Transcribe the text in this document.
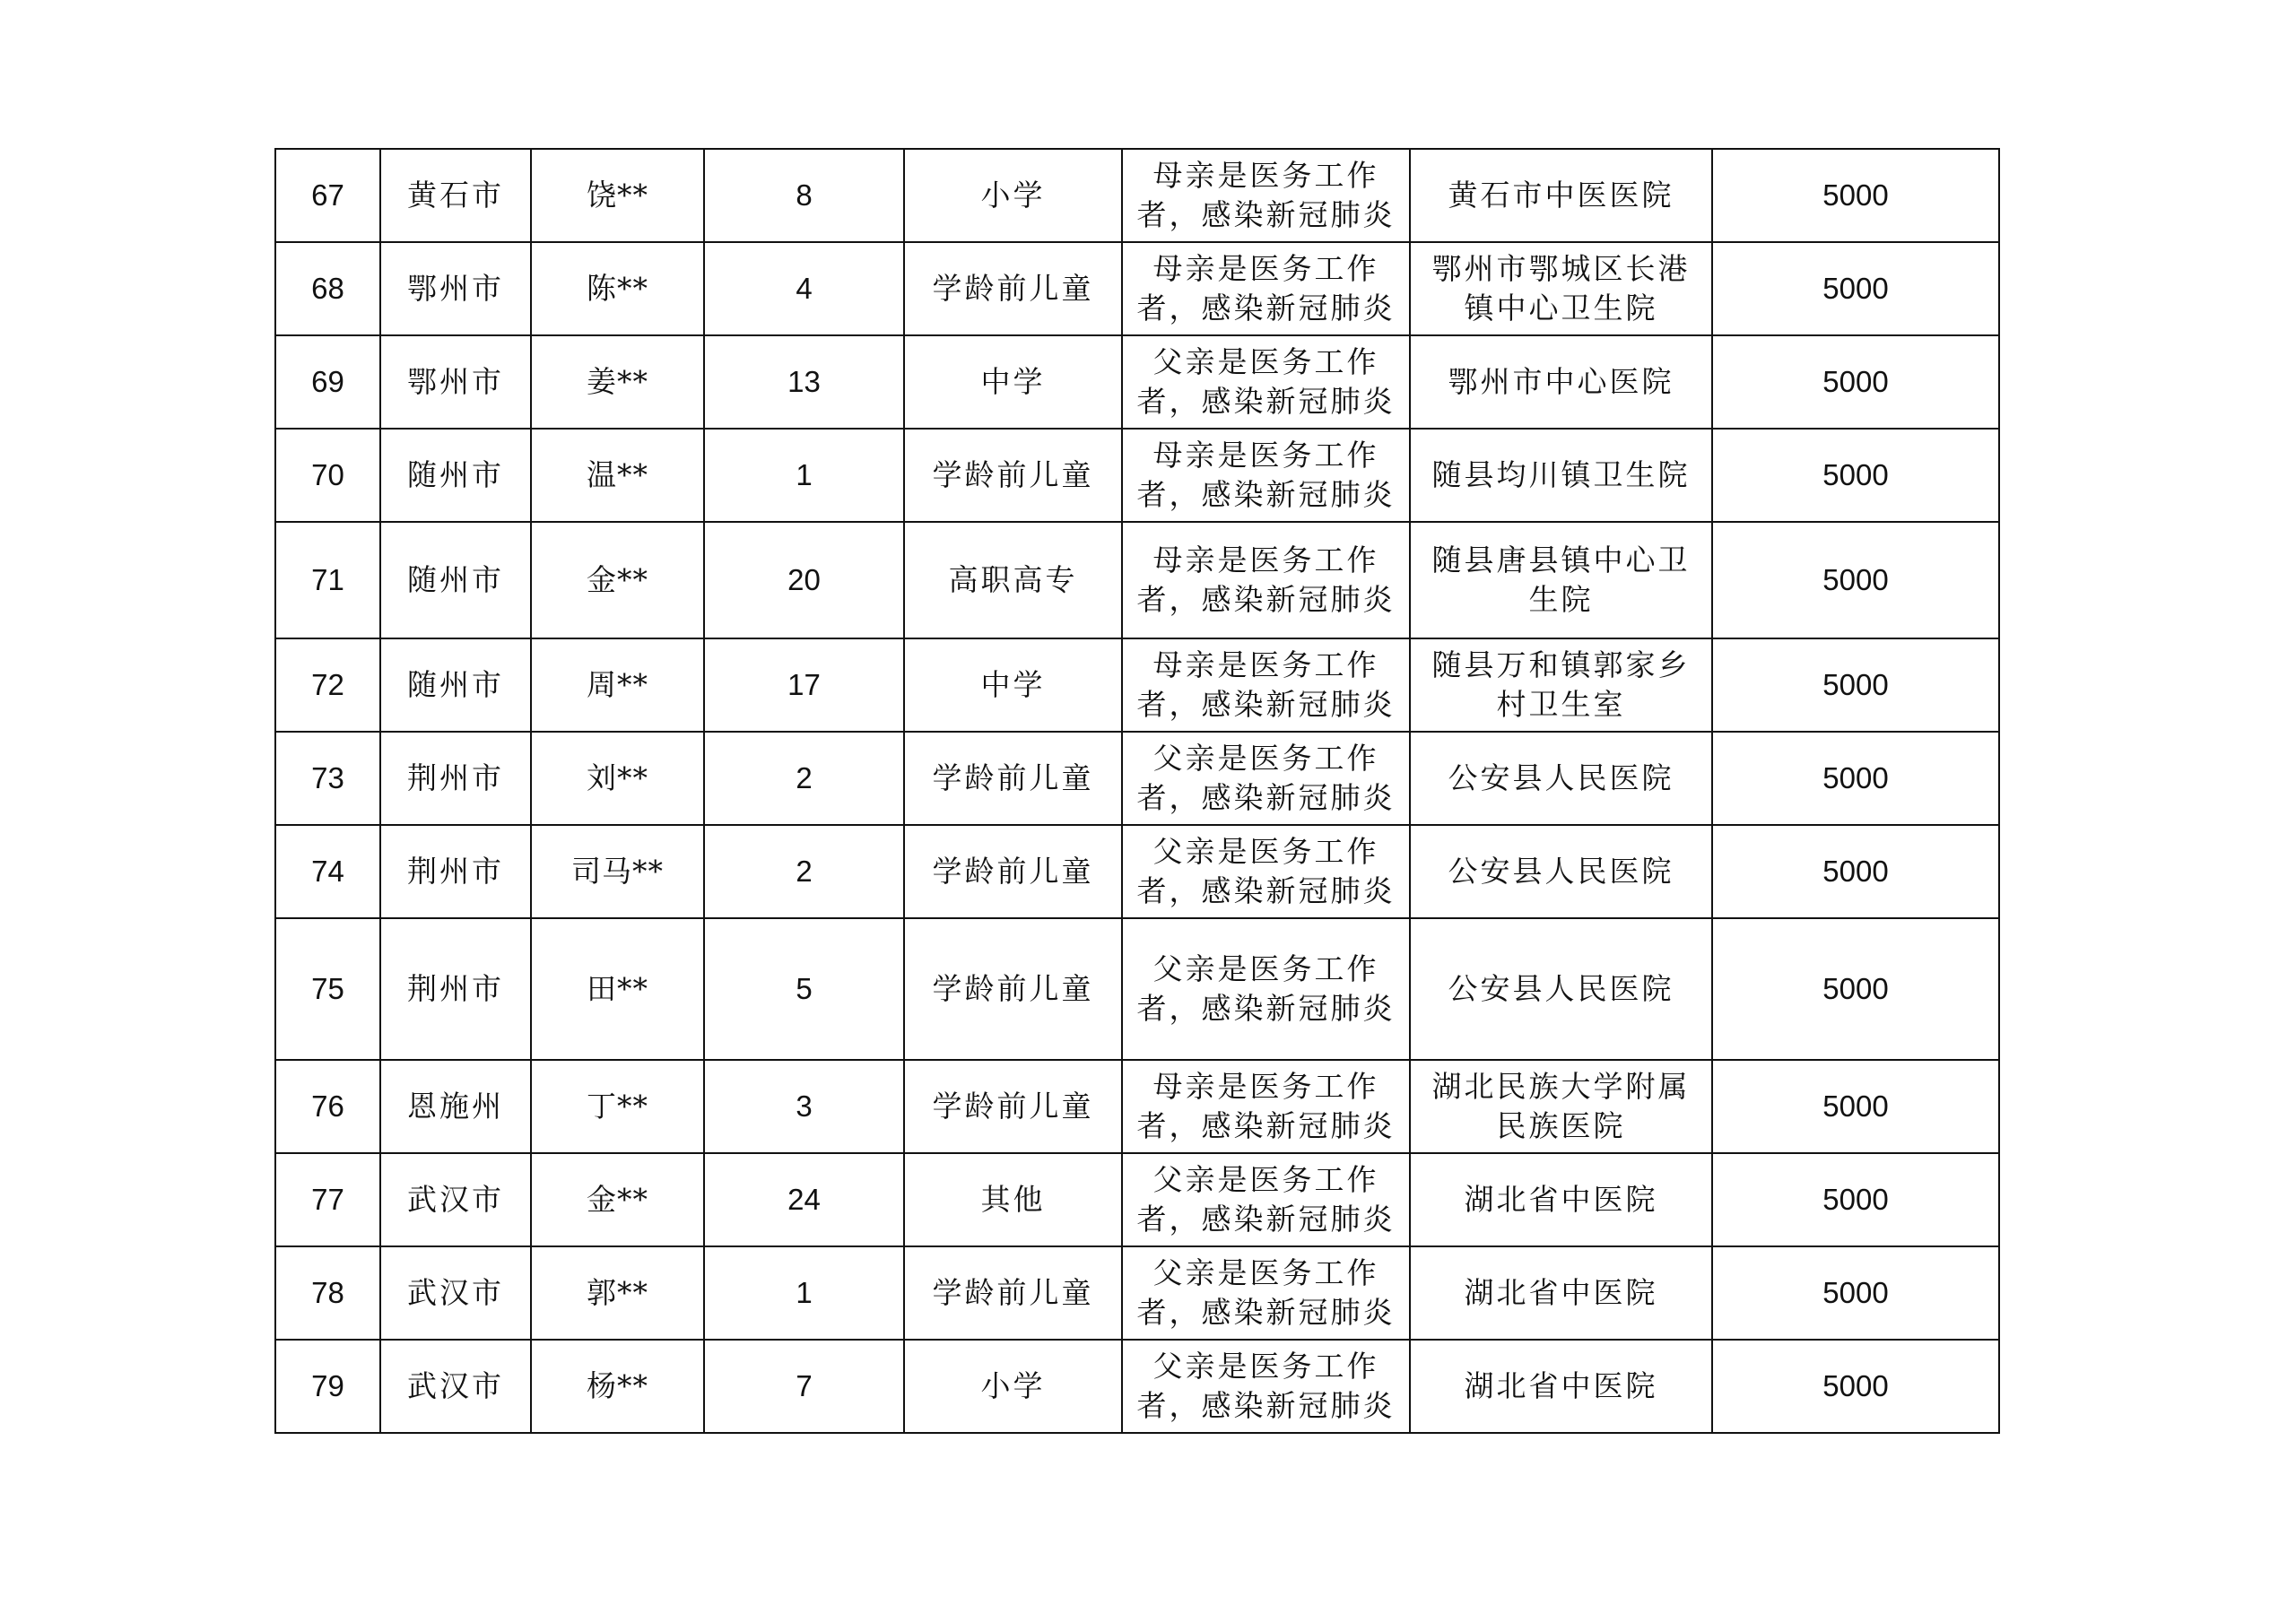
67	黄石市	饶**	8	小学	母亲是医务工作者，感染新冠肺炎	黄石市中医医院	5000
68	鄂州市	陈**	4	学龄前儿童	母亲是医务工作者，感染新冠肺炎	鄂州市鄂城区长港镇中心卫生院	5000
69	鄂州市	姜**	13	中学	父亲是医务工作者，感染新冠肺炎	鄂州市中心医院	5000
70	随州市	温**	1	学龄前儿童	母亲是医务工作者，感染新冠肺炎	随县均川镇卫生院	5000
71	随州市	金**	20	高职高专	母亲是医务工作者，感染新冠肺炎	随县唐县镇中心卫生院	5000
72	随州市	周**	17	中学	母亲是医务工作者，感染新冠肺炎	随县万和镇郭家乡村卫生室	5000
73	荆州市	刘**	2	学龄前儿童	父亲是医务工作者，感染新冠肺炎	公安县人民医院	5000
74	荆州市	司马**	2	学龄前儿童	父亲是医务工作者，感染新冠肺炎	公安县人民医院	5000
75	荆州市	田**	5	学龄前儿童	父亲是医务工作者，感染新冠肺炎	公安县人民医院	5000
76	恩施州	丁**	3	学龄前儿童	母亲是医务工作者，感染新冠肺炎	湖北民族大学附属民族医院	5000
77	武汉市	金**	24	其他	父亲是医务工作者，感染新冠肺炎	湖北省中医院	5000
78	武汉市	郭**	1	学龄前儿童	父亲是医务工作者，感染新冠肺炎	湖北省中医院	5000
79	武汉市	杨**	7	小学	父亲是医务工作者，感染新冠肺炎	湖北省中医院	5000
